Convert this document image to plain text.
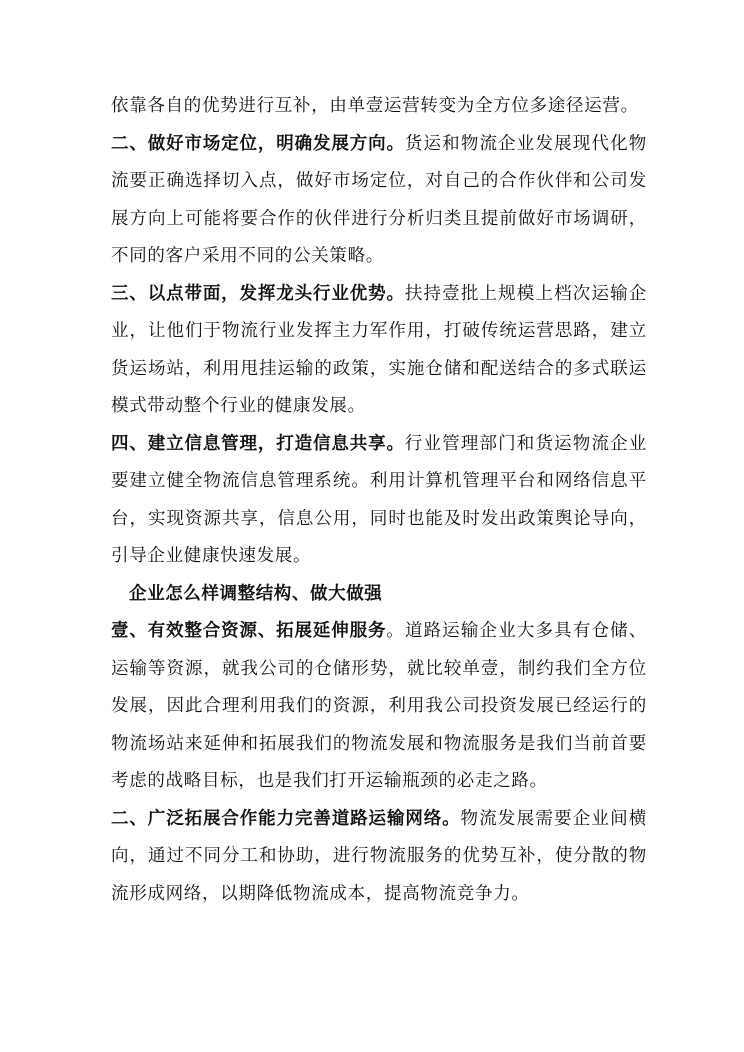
依靠各自的优势进行互补，由单壹运营转变为全方位多途径运营。

二、做好市场定位，明确发展方向。货运和物流企业发展现代化物流要正确选择切入点，做好市场定位，对自己的合作伙伴和公司发展方向上可能将要合作的伙伴进行分析归类且提前做好市场调研，不同的客户采用不同的公关策略。

三、以点带面，发挥龙头行业优势。扶持壹批上规模上档次运输企业，让他们于物流行业发挥主力军作用，打破传统运营思路，建立货运场站，利用甩挂运输的政策，实施仓储和配送结合的多式联运模式带动整个行业的健康发展。

四、建立信息管理，打造信息共享。行业管理部门和货运物流企业要建立健全物流信息管理系统。利用计算机管理平台和网络信息平台，实现资源共享，信息公用，同时也能及时发出政策舆论导向，引导企业健康快速发展。

企业怎么样调整结构、做大做强

壹、有效整合资源、拓展延伸服务。道路运输企业大多具有仓储、运输等资源，就我公司的仓储形势，就比较单壹，制约我们全方位发展，因此合理利用我们的资源，利用我公司投资发展已经运行的物流场站来延伸和拓展我们的物流发展和物流服务是我们当前首要考虑的战略目标，也是我们打开运输瓶颈的必走之路。

二、广泛拓展合作能力完善道路运输网络。物流发展需要企业间横向，通过不同分工和协助，进行物流服务的优势互补，使分散的物流形成网络，以期降低物流成本，提高物流竞争力。
